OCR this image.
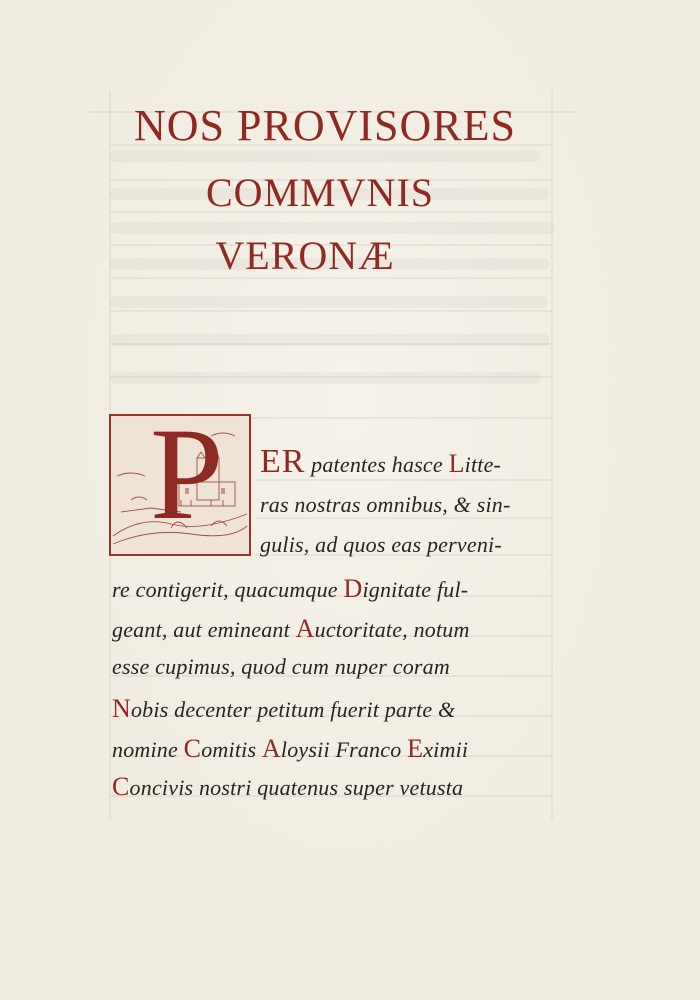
NOS PROVISORES
COMMVNIS
VERONÆ
P ER patentes hasce Litte-
ras nostras omnibus, & sin-
gulis, ad quos eas perveni-
re contigerit, quacumque Dignitate ful-
geant, aut emineant Auctoritate, notum
esse cupimus, quod cum nuper coram
Nobis decenter petitum fuerit parte &
nomine Comitis Aloysii Franco Eximii
Concivis nostri quatenus super vetusta
